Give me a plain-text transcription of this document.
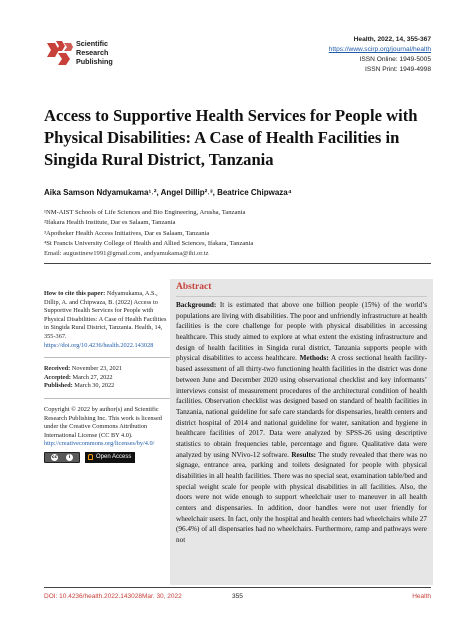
Scientific
Research
Publishing
Health, 2022, 14, 355-367
https://www.scirp.org/journal/health
ISSN Online: 1949-5005
ISSN Print: 1949-4998
Access to Supportive Health Services for People with Physical Disabilities: A Case of Health Facilities in Singida Rural District, Tanzania
Aika Samson Ndyamukama¹˒², Angel Dillip²˒³, Beatrice Chipwaza⁴
¹NM-AIST Schools of Life Sciences and Bio Engineering, Arusha, Tanzania
²Ifakara Health Institute, Dar es Salaam, Tanzania
³Apotheker Health Access Initiatives, Dar es Salaam, Tanzania
⁴St Francis University College of Health and Allied Sciences, Ifakara, Tanzania
Email: augustinew1991@gmail.com, andyamukama@ihi.or.tz
How to cite this paper: Ndyamukama, A.S., Dillip, A. and Chipwaza, B. (2022) Access to Supportive Health Services for People with Physical Disabilities: A Case of Health Facilities in Singida Rural District, Tanzania. Health, 14, 355-367.
https://doi.org/10.4236/health.2022.143028
Received: November 23, 2021
Accepted: March 27, 2022
Published: March 30, 2022
Copyright © 2022 by author(s) and Scientific Research Publishing Inc. This work is licensed under the Creative Commons Attribution International License (CC BY 4.0).
http://creativecommons.org/licenses/by/4.0/
cc	i	Open Access
Abstract
Background: It is estimated that above one billion people (15%) of the world’s populations are living with disabilities. The poor and unfriendly infrastructure at health facilities is the core challenge for people with physical disabilities in accessing healthcare. This study aimed to explore at what extent the existing infrastructure and design of health facilities in Singida rural district, Tanzania supports people with physical disabilities to access healthcare. Methods: A cross sectional health facility-based assessment of all thirty-two functioning health facilities in the district was done between June and December 2020 using observational checklist and key informants’ interviews consist of measurement procedures of the architectural condition of health facilities. Observation checklist was designed based on standard of health facilities in Tanzania, national guideline for safe care standards for dispensaries, health centers and district hospital of 2014 and national guideline for water, sanitation and hygiene in healthcare facilities of 2017. Data were analyzed by SPSS-26 using descriptive statistics to obtain frequencies table, percentage and figure. Qualitative data were analyzed by using NVivo-12 software. Results: The study revealed that there was no signage, entrance area, parking and toilets designated for people with physical disabilities in all health facilities. There was no special seat, examination table/bed and special weight scale for people with physical disabilities in all facilities. Also, the doors were not wide enough to support wheelchair user to maneuver in all health centers and dispensaries. In addition, door handles were not user friendly for wheelchair users. In fact, only the hospital and health centers had wheelchairs while 27 (96.4%) of all dispensaries had no wheelchairs. Furthermore, ramp and pathways were not
DOI: 10.4236/health.2022.143028 Mar. 30, 2022	355	Health
